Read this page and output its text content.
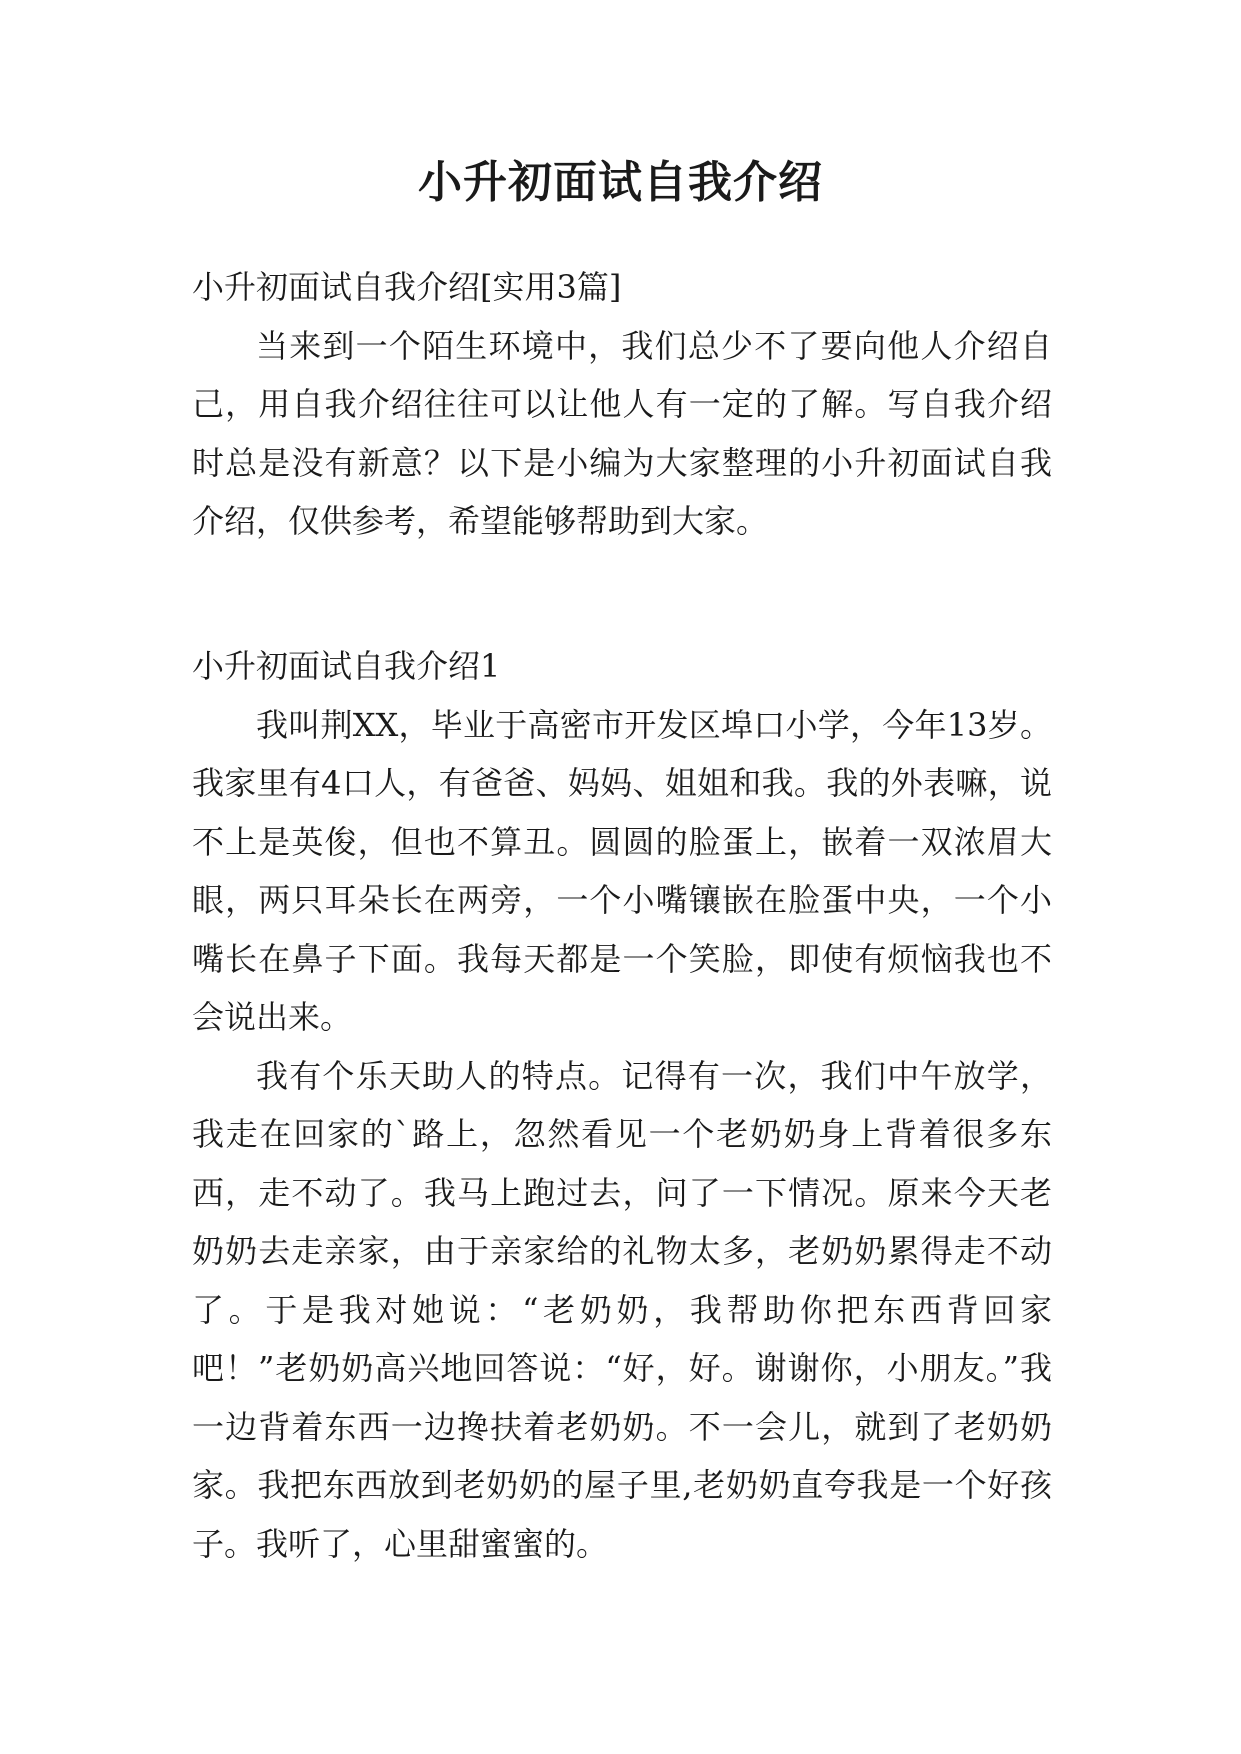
小升初面试自我介绍

小升初面试自我介绍[实用3篇]

当来到一个陌生环境中，我们总少不了要向他人介绍自己，用自我介绍往往可以让他人有一定的了解。写自我介绍时总是没有新意？以下是小编为大家整理的小升初面试自我介绍，仅供参考，希望能够帮助到大家。

小升初面试自我介绍1

我叫荆XX，毕业于高密市开发区埠口小学，今年13岁。我家里有4口人，有爸爸、妈妈、姐姐和我。我的外表嘛，说不上是英俊，但也不算丑。圆圆的脸蛋上，嵌着一双浓眉大眼，两只耳朵长在两旁，一个小嘴镶嵌在脸蛋中央，一个小嘴长在鼻子下面。我每天都是一个笑脸，即使有烦恼我也不会说出来。

我有个乐天助人的特点。记得有一次，我们中午放学，我走在回家的`路上，忽然看见一个老奶奶身上背着很多东西，走不动了。我马上跑过去，问了一下情况。原来今天老奶奶去走亲家，由于亲家给的礼物太多，老奶奶累得走不动了。于是我对她说：“老奶奶，我帮助你把东西背回家吧！”老奶奶高兴地回答说：“好，好。谢谢你，小朋友。”我一边背着东西一边搀扶着老奶奶。不一会儿，就到了老奶奶家。我把东西放到老奶奶的屋子里,老奶奶直夸我是一个好孩子。我听了，心里甜蜜蜜的。
